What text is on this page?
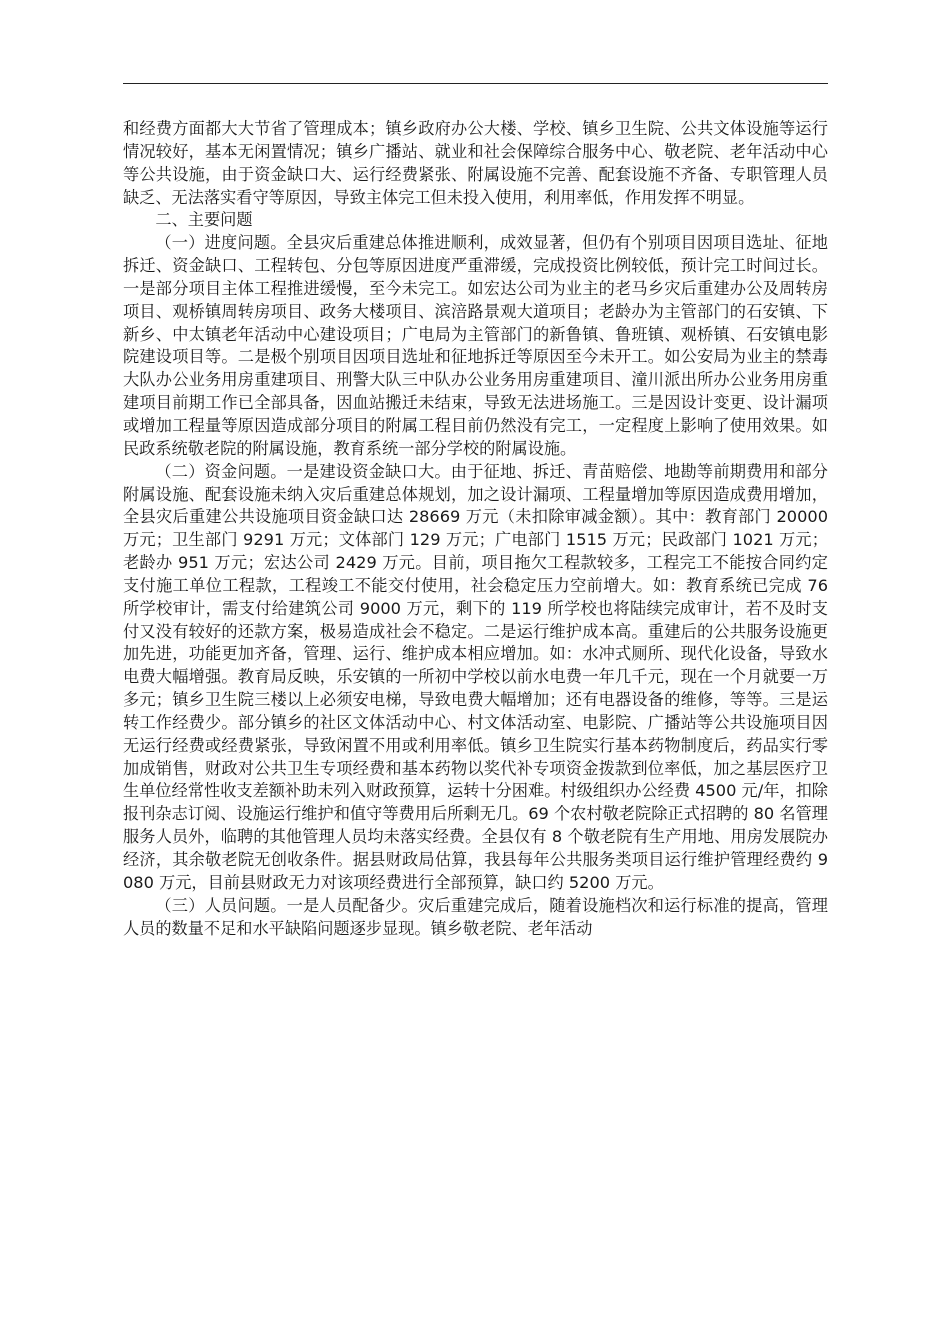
和经费方面都大大节省了管理成本；镇乡政府办公大楼、学校、镇乡卫生院、公共文体设施等运行情况较好，基本无闲置情况；镇乡广播站、就业和社会保障综合服务中心、敬老院、老年活动中心等公共设施，由于资金缺口大、运行经费紧张、附属设施不完善、配套设施不齐备、专职管理人员缺乏、无法落实看守等原因，导致主体完工但未投入使用，利用率低，作用发挥不明显。

二、主要问题

（一）进度问题。全县灾后重建总体推进顺利，成效显著，但仍有个别项目因项目选址、征地拆迁、资金缺口、工程转包、分包等原因进度严重滞缓，完成投资比例较低，预计完工时间过长。一是部分项目主体工程推进缓慢，至今未完工。如宏达公司为业主的老马乡灾后重建办公及周转房项目、观桥镇周转房项目、政务大楼项目、滨涪路景观大道项目；老龄办为主管部门的石安镇、下新乡、中太镇老年活动中心建设项目；广电局为主管部门的新鲁镇、鲁班镇、观桥镇、石安镇电影院建设项目等。二是极个别项目因项目选址和征地拆迁等原因至今未开工。如公安局为业主的禁毒大队办公业务用房重建项目、刑警大队三中队办公业务用房重建项目、潼川派出所办公业务用房重建项目前期工作已全部具备，因血站搬迁未结束，导致无法进场施工。三是因设计变更、设计漏项或增加工程量等原因造成部分项目的附属工程目前仍然没有完工，一定程度上影响了使用效果。如民政系统敬老院的附属设施，教育系统一部分学校的附属设施。

（二）资金问题。一是建设资金缺口大。由于征地、拆迁、青苗赔偿、地勘等前期费用和部分附属设施、配套设施未纳入灾后重建总体规划，加之设计漏项、工程量增加等原因造成费用增加，全县灾后重建公共设施项目资金缺口达 28669 万元（未扣除审减金额）。其中：教育部门 20000 万元；卫生部门 9291 万元；文体部门 129 万元；广电部门 1515 万元；民政部门 1021 万元；老龄办 951 万元；宏达公司 2429 万元。目前，项目拖欠工程款较多，工程完工不能按合同约定支付施工单位工程款，工程竣工不能交付使用，社会稳定压力空前增大。如：教育系统已完成 76 所学校审计，需支付给建筑公司 9000 万元，剩下的 119 所学校也将陆续完成审计，若不及时支付又没有较好的还款方案，极易造成社会不稳定。二是运行维护成本高。重建后的公共服务设施更加先进，功能更加齐备，管理、运行、维护成本相应增加。如：水冲式厕所、现代化设备，导致水电费大幅增强。教育局反映，乐安镇的一所初中学校以前水电费一年几千元，现在一个月就要一万多元；镇乡卫生院三楼以上必须安电梯，导致电费大幅增加；还有电器设备的维修，等等。三是运转工作经费少。部分镇乡的社区文体活动中心、村文体活动室、电影院、广播站等公共设施项目因无运行经费或经费紧张，导致闲置不用或利用率低。镇乡卫生院实行基本药物制度后，药品实行零加成销售，财政对公共卫生专项经费和基本药物以奖代补专项资金拨款到位率低，加之基层医疗卫生单位经常性收支差额补助未列入财政预算，运转十分困难。村级组织办公经费 4500 元/年，扣除报刊杂志订阅、设施运行维护和值守等费用后所剩无几。69 个农村敬老院除正式招聘的 80 名管理服务人员外，临聘的其他管理人员均未落实经费。全县仅有 8 个敬老院有生产用地、用房发展院办经济，其余敬老院无创收条件。据县财政局估算，我县每年公共服务类项目运行维护管理经费约 9080 万元，目前县财政无力对该项经费进行全部预算，缺口约 5200 万元。

（三）人员问题。一是人员配备少。灾后重建完成后，随着设施档次和运行标准的提高，管理人员的数量不足和水平缺陷问题逐步显现。镇乡敬老院、老年活动
